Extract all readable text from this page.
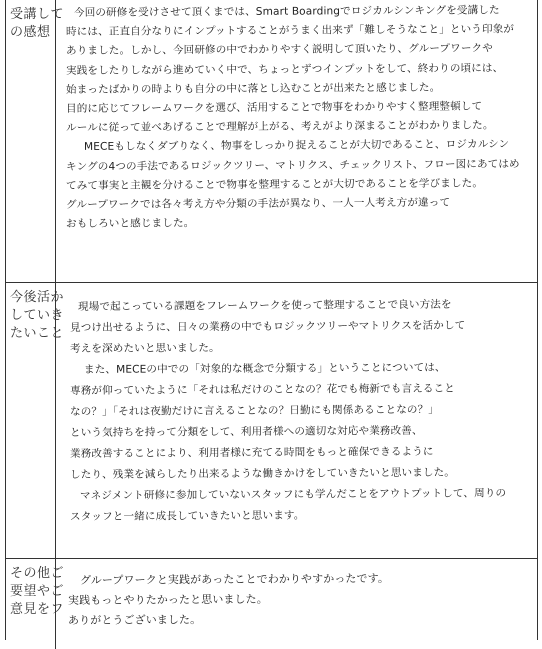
受講して
の感想
今回の研修を受けさせて頂くまでは、Smart Boardingでロジカルシンキングを受講した
時には、正直自分なりにインプットすることがうまく出来ず「難しそうなこと」という印象が
ありました。しかし、今回研修の中でわかりやすく説明して頂いたり、グループワークや
実践をしたりしながら進めていく中で、ちょっとずつインプットをして、終わりの頃には、
始まったばかりの時よりも自分の中に落とし込むことが出来たと感じました。
目的に応じてフレームワークを選び、活用することで物事をわかりやすく整理整頓して
ルールに従って並べあげることで理解が上がる、考えがより深まることがわかりました。
MECEもしなくダブりなく、物事をしっかり捉えることが大切であること、ロジカルシン
キングの4つの手法であるロジックツリー、マトリクス、チェックリスト、フロー図にあてはめ
てみて事実と主観を分けることで物事を整理することが大切であることを学びました。
グループワークでは各々考え方や分類の手法が異なり、一人一人考え方が違って
おもしろいと感じました。
今後活か
していき
たいこと
現場で起こっている課題をフレームワークを使って整理することで良い方法を
見つけ出せるように、日々の業務の中でもロジックツリーやマトリクスを活かして
考えを深めたいと思いました。
また、MECEの中での「対象的な概念で分類する」ということについては、
専務が仰っていたように「それは私だけのことなの？花でも梅新でも言えること
なの？」「それは夜勤だけに言えることなの？日勤にも関係あることなの？」
という気持ちを持って分類をして、利用者様への適切な対応や業務改善、
業務改善することにより、利用者様に充てる時間をもっと確保できるように
したり、残業を減らしたり出来るような働きかけをしていきたいと思いました。
マネジメント研修に参加していないスタッフにも学んだことをアウトプットして、周りの
スタッフと一緒に成長していきたいと思います。
その他ご
要望やご
意見をフ
グループワークと実践があったことでわかりやすかったです。
実践もっとやりたかったと思いました。
ありがとうございました。
